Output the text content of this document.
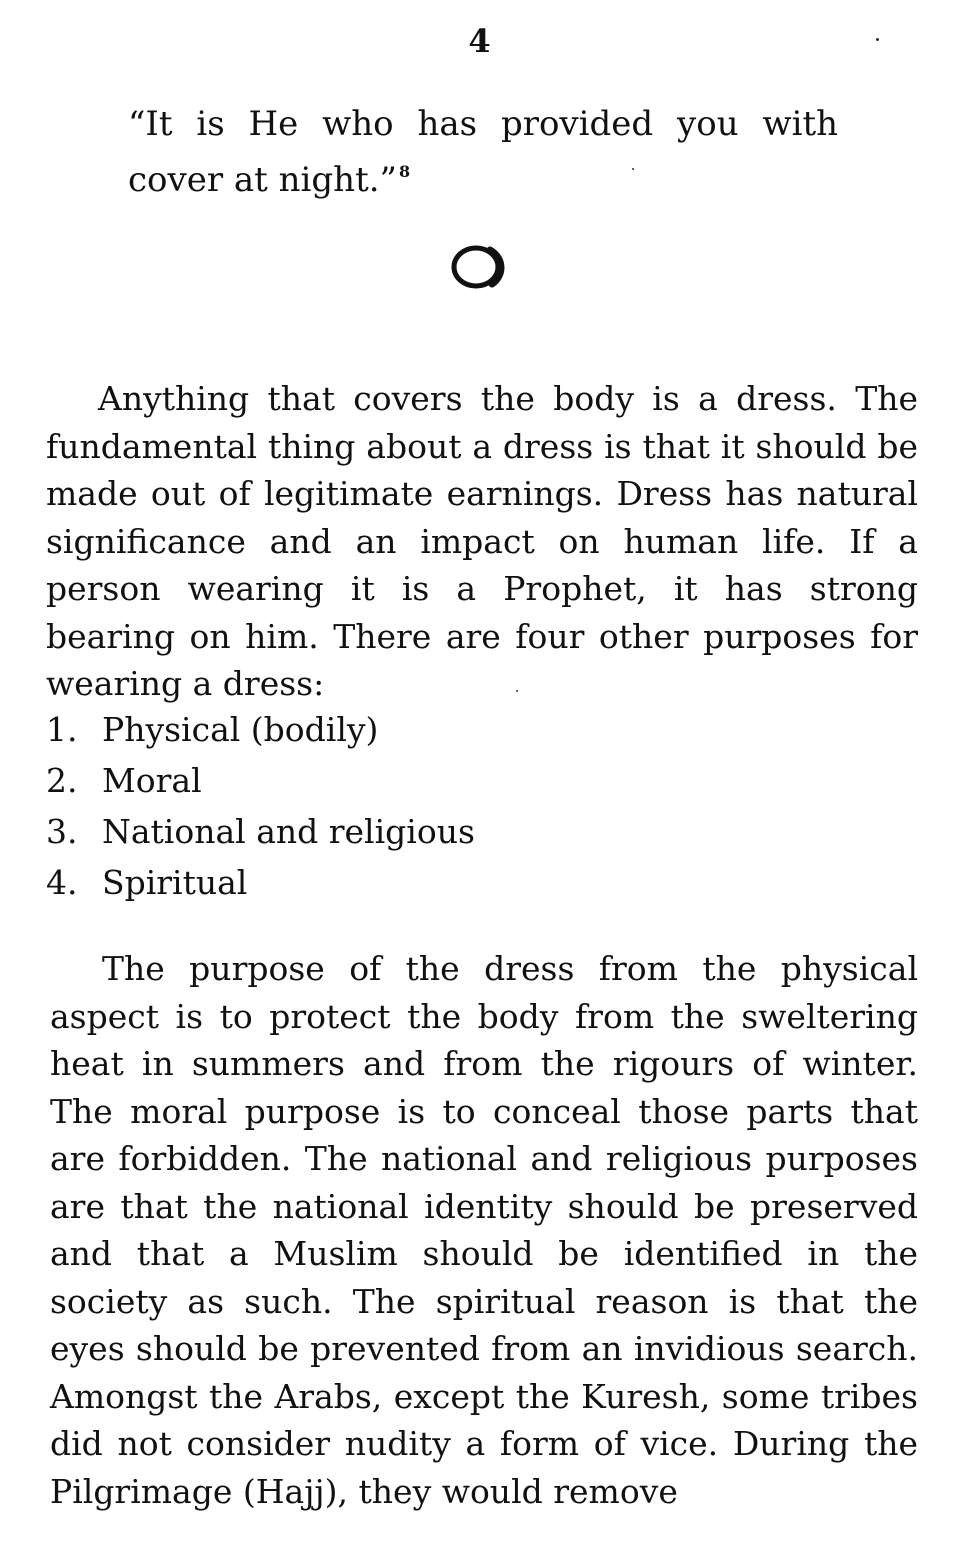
4
“It is He who has provided you with cover at night.” $^8$

Anything that covers the body is a dress. The fundamental thing about a dress is that it should be made out of legitimate earnings. Dress has natural significance and an impact on human life. If a person wearing it is a Prophet, it has strong bearing on him. There are four other purposes for wearing a dress:

1. Physical (bodily)
2. Moral
3. National and religious
4. Spiritual

The purpose of the dress from the physical aspect is to protect the body from the sweltering heat in summers and from the rigours of winter. The moral purpose is to conceal those parts that are forbidden. The national and religious purposes are that the national identity should be preserved and that a Muslim should be identified in the society as such. The spiritual reason is that the eyes should be prevented from an invidious search. Amongst the Arabs, except the Kuresh, some tribes did not consider nudity a form of vice. During the Pilgrimage (Hajj), they would remove
